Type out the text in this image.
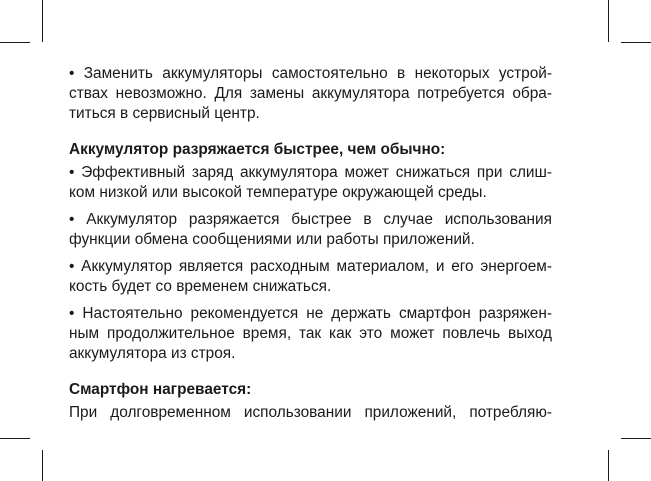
• Заменить аккумуляторы самостоятельно в некоторых устрой-
ствах невозможно. Для замены аккумулятора потребуется обра-
титься в сервисный центр.
Аккумулятор разряжается быстрее, чем обычно:
• Эффективный заряд аккумулятора может снижаться при слиш-
ком низкой или высокой температуре окружающей среды.
• Аккумулятор разряжается быстрее в случае использования
функции обмена сообщениями или работы приложений.
• Аккумулятор является расходным материалом, и его энергоем-
кость будет со временем снижаться.
• Настоятельно рекомендуется не держать смартфон разряжен-
ным продолжительное время, так как это может повлечь выход
аккумулятора из строя.
Смартфон нагревается:
При долговременном использовании приложений, потребляю-
